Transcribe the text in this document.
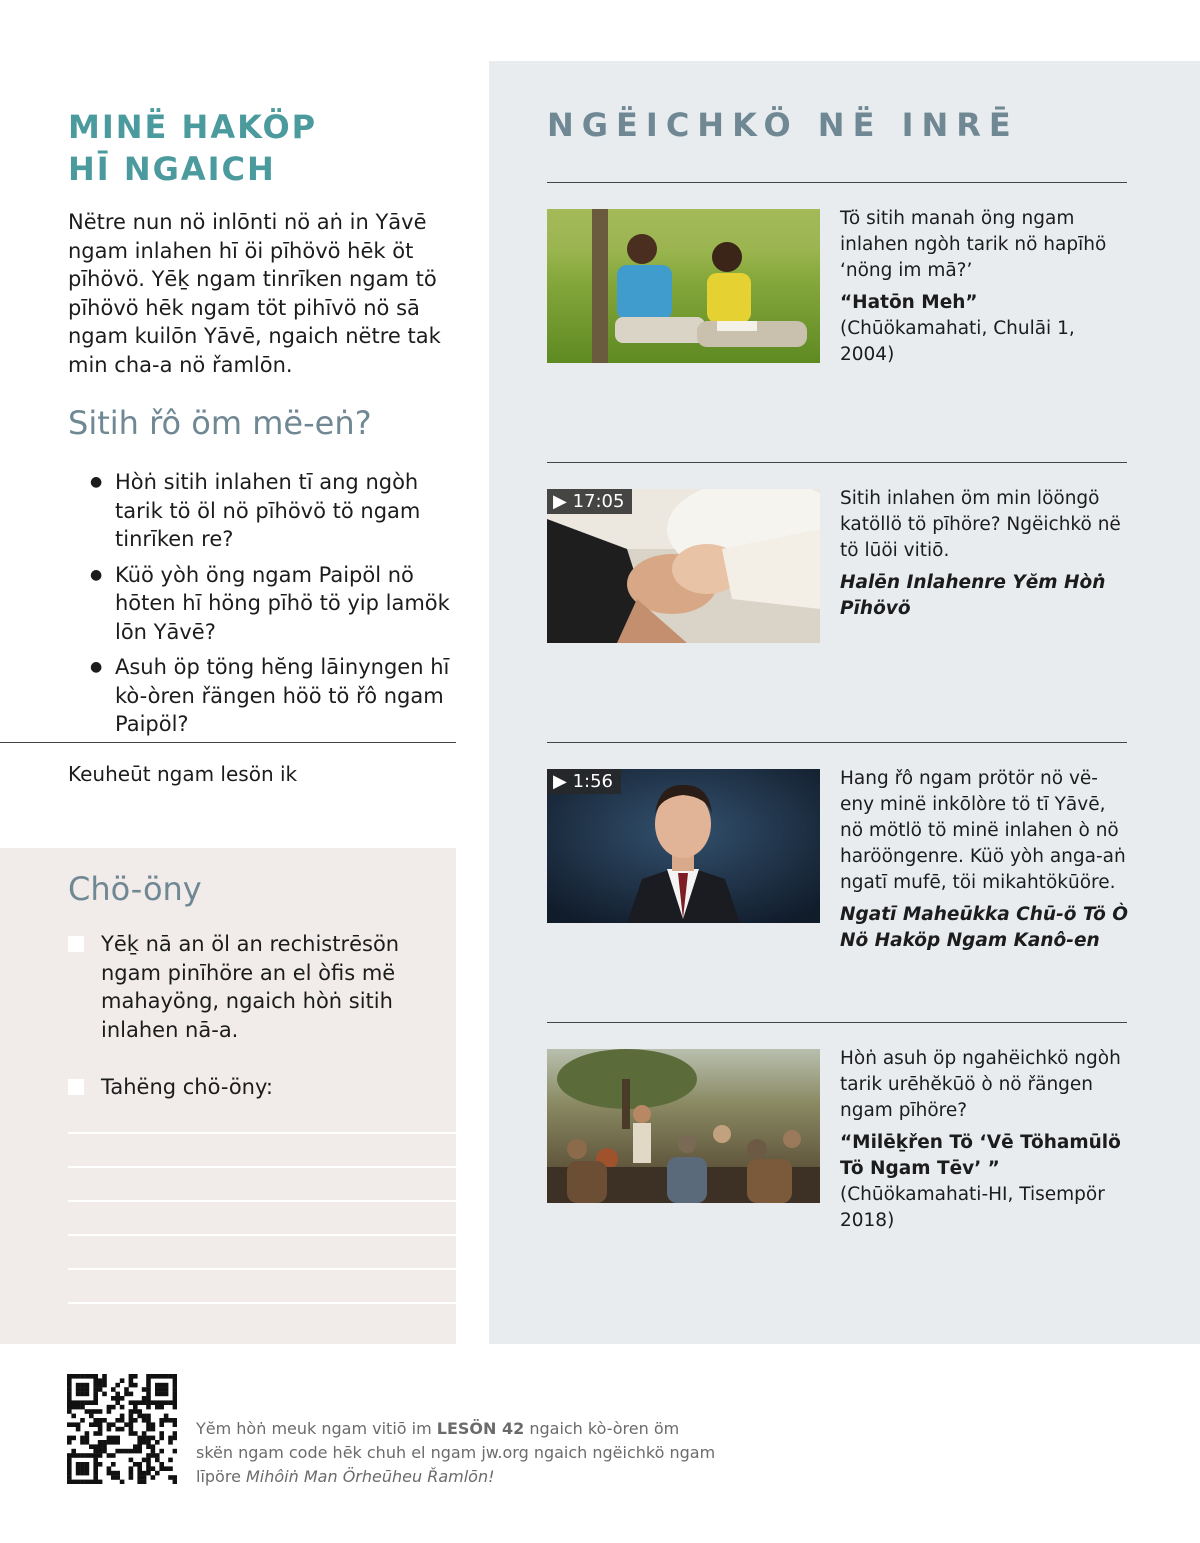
MINË HAKÖP
HĪ NGAICH

Nëtre nun nö inlōnti nö aṅ in Yāvē ngam inlahen hī öi pīhövö hēk öt pīhövö. Yēḵ ngam tinrīken ngam tö pīhövö hēk ngam töt pihīvö nö sā ngam kuilōn Yāvē, ngaich nëtre tak min cha-a nö řamlōn.

Sitih řô öm më-eṅ?
● Hòṅ sitih inlahen tī ang ngòh tarik tö öl nö pīhövö tö ngam tinrīken re?
● Küö yòh öng ngam Paipöl nö hōten hī höng pīhö tö yip lamök lōn Yāvē?
● Asuh öp töng hĕng lāinyngen hī kò-òren řängen höö tö řô ngam Paipöl?
Keuheūt ngam lesön ik
Chö-öny
Yēḵ nā an öl an rechistrēsön ngam pinīhöre an el òfis më mahayöng, ngaich hòṅ sitih inlahen nā-a.
Tahëng chö-öny:
NGËICHKÖ NË INRĒ

Tö sitih manah öng ngam inlahen ngòh tarik nö hapīhö ‘nöng im mā?’

“Hatōn Meh” (Chūökamahati, Chulāi 1, 2004)

▶ 17:05	Sitih inlahen öm min lööngö katöllö tö pīhöre? Ngëichkö në tö lūöi vitiō.

Halēn Inlahenre Yĕm Hòṅ Pīhövö

▶ 1:56	Hang řô ngam prötör nö vë-eny minë inkōlòre tö tī Yāvē, nö mötlö tö minë inlahen ò nö harööngenre. Küö yòh anga-aṅ ngatī mufē, töi mikahtökūöre.

Ngatī Maheūkka Chū-ö Tö Ò Nö Haköp Ngam Kanô-en

Hòṅ asuh öp ngahëichkö ngòh tarik urēhĕkūö ò nö řängen ngam pīhöre?

“Milēḵřen Tö ‘Vē Töhamūlö Tö Ngam Tēv’ ” (Chūökamahati-HI, Tisempör 2018)

Yĕm hòṅ meuk ngam vitiō im LESÖN 42 ngaich kò-òren öm skën ngam code hēk chuh el ngam jw.org ngaich ngëichkö ngam līpöre Mihôiṅ Man Örheūheu Řamlōn!
